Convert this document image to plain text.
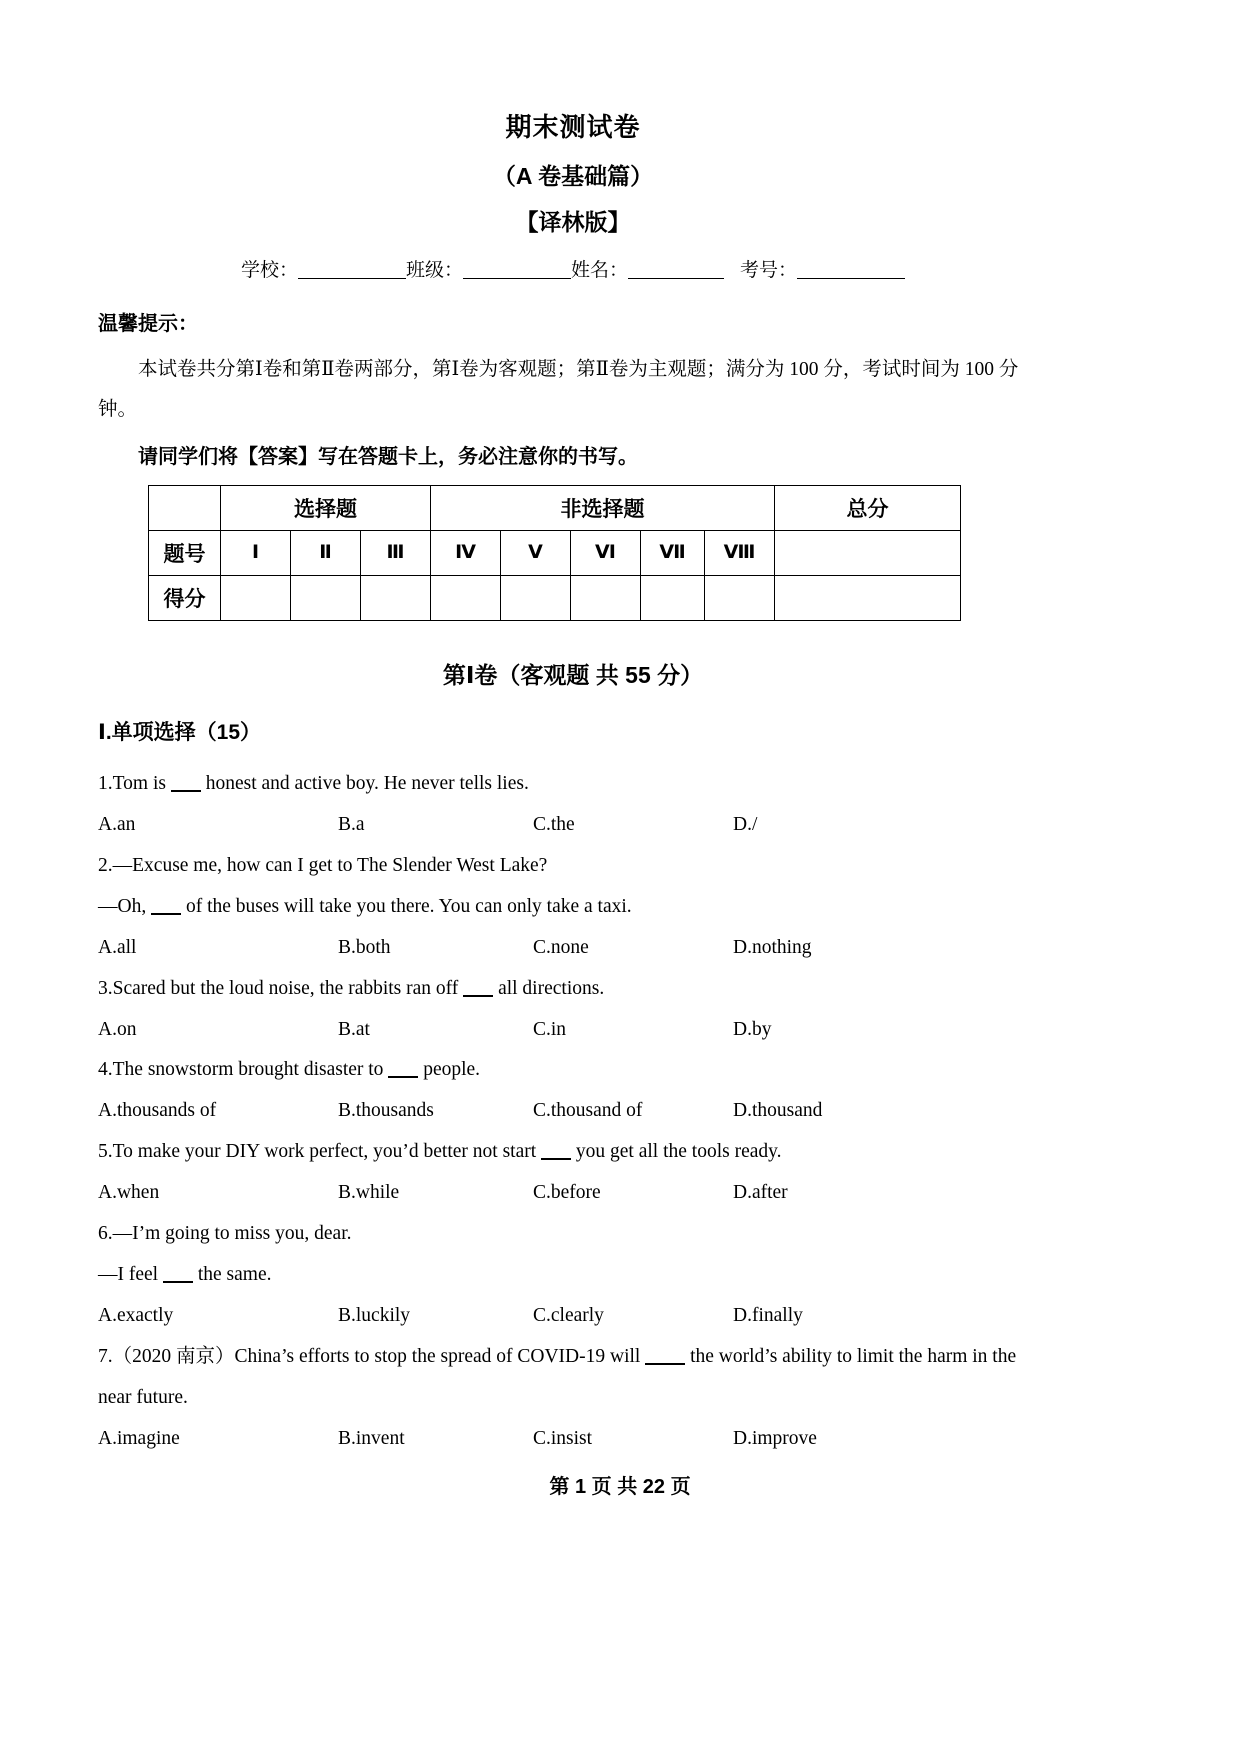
期末测试卷
（A 卷基础篇）
【译林版】
学校：	班级：	姓名：	考号：
温馨提示：
本试卷共分第Ⅰ卷和第Ⅱ卷两部分，第Ⅰ卷为客观题；第Ⅱ卷为主观题；满分为 100 分，考试时间为 100 分钟。
请同学们将【答案】写在答题卡上，务必注意你的书写。
	选择题			非选择题					总分
题号	Ⅰ	Ⅱ	Ⅲ	Ⅳ	Ⅴ	Ⅵ	Ⅶ	Ⅷ	
得分									
第Ⅰ卷（客观题 共 55 分）
Ⅰ.单项选择（15）
1.Tom is  honest and active boy. He never tells lies.
A.an	B.a	C.the	D./
2.—Excuse me, how can I get to The Slender West Lake?
—Oh,  of the buses will take you there. You can only take a taxi.
A.all	B.both	C.none	D.nothing
3.Scared but the loud noise, the rabbits ran off  all directions.
A.on	B.at	C.in	D.by
4.The snowstorm brought disaster to  people.
A.thousands of	B.thousands	C.thousand of	D.thousand
5.To make your DIY work perfect, you’d better not start  you get all the tools ready.
A.when	B.while	C.before	D.after
6.—I’m going to miss you, dear.
—I feel  the same.
A.exactly	B.luckily	C.clearly	D.finally
7.（2020 南京）China’s efforts to stop the spread of COVID-19 will  the world’s ability to limit the harm in the near future.
A.imagine	B.invent	C.insist	D.improve
第 1 页 共 22 页
